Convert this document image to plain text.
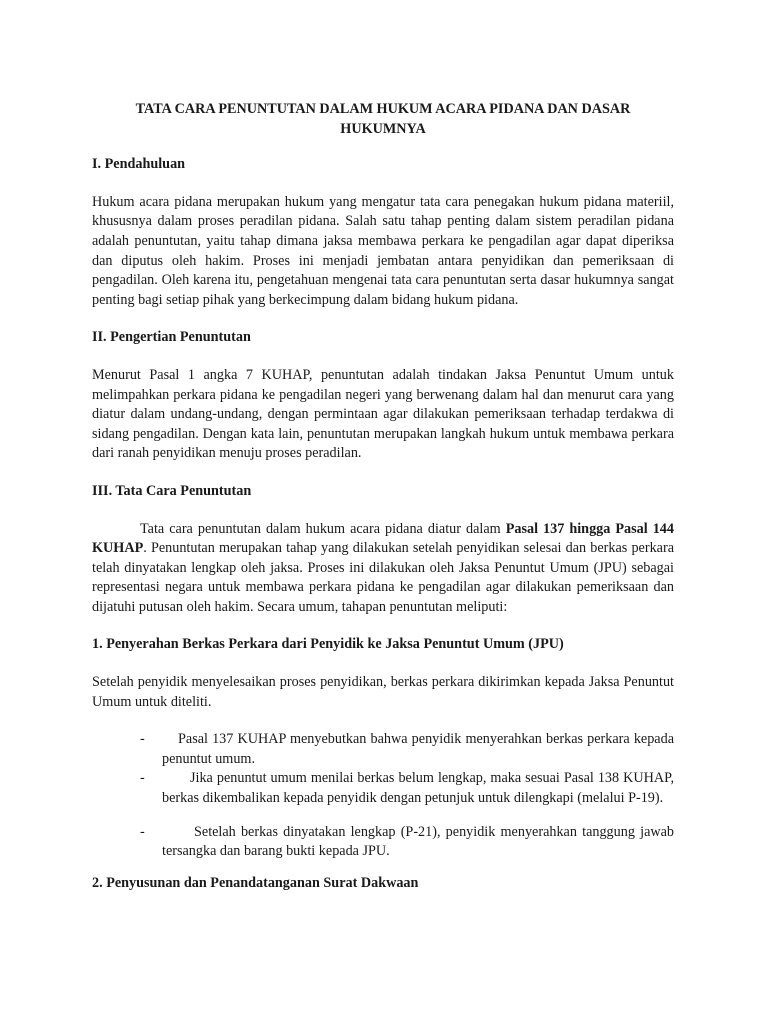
TATA CARA PENUNTUTAN DALAM HUKUM ACARA PIDANA DAN DASAR HUKUMNYA
I. Pendahuluan
Hukum acara pidana merupakan hukum yang mengatur tata cara penegakan hukum pidana materiil, khususnya dalam proses peradilan pidana. Salah satu tahap penting dalam sistem peradilan pidana adalah penuntutan, yaitu tahap dimana jaksa membawa perkara ke pengadilan agar dapat diperiksa dan diputus oleh hakim. Proses ini menjadi jembatan antara penyidikan dan pemeriksaan di pengadilan. Oleh karena itu, pengetahuan mengenai tata cara penuntutan serta dasar hukumnya sangat penting bagi setiap pihak yang berkecimpung dalam bidang hukum pidana.
II. Pengertian Penuntutan
Menurut Pasal 1 angka 7 KUHAP, penuntutan adalah tindakan Jaksa Penuntut Umum untuk melimpahkan perkara pidana ke pengadilan negeri yang berwenang dalam hal dan menurut cara yang diatur dalam undang-undang, dengan permintaan agar dilakukan pemeriksaan terhadap terdakwa di sidang pengadilan. Dengan kata lain, penuntutan merupakan langkah hukum untuk membawa perkara dari ranah penyidikan menuju proses peradilan.
III. Tata Cara Penuntutan
Tata cara penuntutan dalam hukum acara pidana diatur dalam Pasal 137 hingga Pasal 144 KUHAP. Penuntutan merupakan tahap yang dilakukan setelah penyidikan selesai dan berkas perkara telah dinyatakan lengkap oleh jaksa. Proses ini dilakukan oleh Jaksa Penuntut Umum (JPU) sebagai representasi negara untuk membawa perkara pidana ke pengadilan agar dilakukan pemeriksaan dan dijatuhi putusan oleh hakim. Secara umum, tahapan penuntutan meliputi:
1. Penyerahan Berkas Perkara dari Penyidik ke Jaksa Penuntut Umum (JPU)
Setelah penyidik menyelesaikan proses penyidikan, berkas perkara dikirimkan kepada Jaksa Penuntut Umum untuk diteliti.
-	Pasal 137 KUHAP menyebutkan bahwa penyidik menyerahkan berkas perkara kepada penuntut umum.
-	Jika penuntut umum menilai berkas belum lengkap, maka sesuai Pasal 138 KUHAP, berkas dikembalikan kepada penyidik dengan petunjuk untuk dilengkapi (melalui P-19).
-	Setelah berkas dinyatakan lengkap (P-21), penyidik menyerahkan tanggung jawab tersangka dan barang bukti kepada JPU.
2. Penyusunan dan Penandatanganan Surat Dakwaan
